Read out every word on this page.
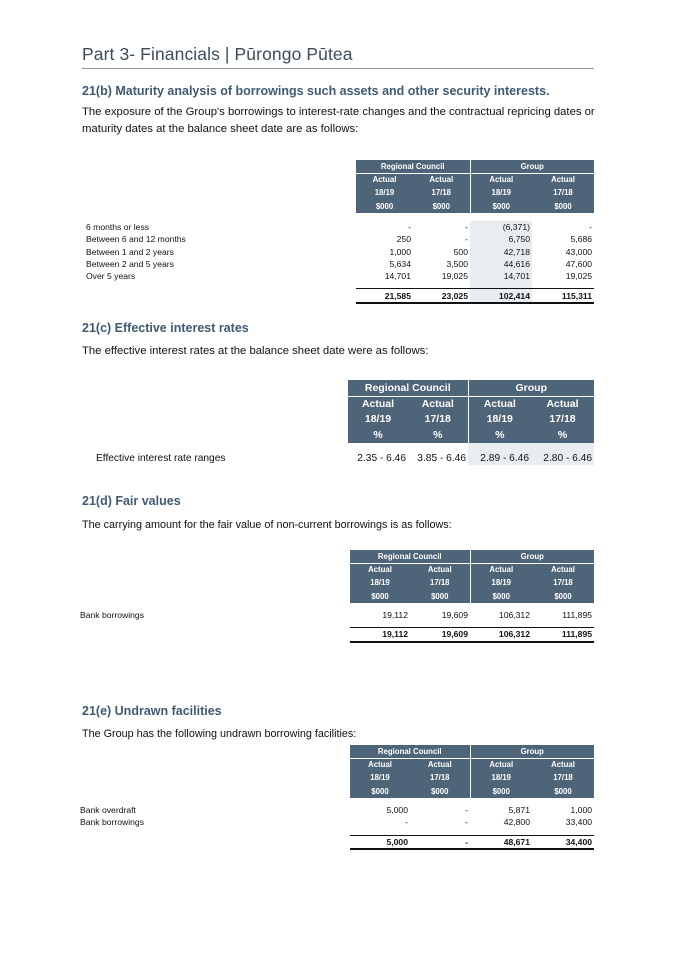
Part 3- Financials | Pūrongo Pūtea
21(b) Maturity analysis of borrowings such assets and other security interests.
The exposure of the Group's borrowings to interest-rate changes and the contractual repricing dates or maturity dates at the balance sheet date are as follows:
	Regional Council		Group	
	Actual	Actual	Actual	Actual
	18/19	17/18	18/19	17/18
	$000	$000	$000	$000

6 months or less	-	-	(6,371)	-
Between 6 and 12 months	250	-	6,750	5,686
Between 1 and 2 years	1,000	500	42,718	43,000
Between 2 and 5 years	5,634	3,500	44,616	47,600
Over 5 years	14,701	19,025	14,701	19,025

	21,585	23,025	102,414	115,311
21(c) Effective interest rates
The effective interest rates at the balance sheet date were as follows:
	Regional Council		Group	
	Actual	Actual	Actual	Actual
	18/19	17/18	18/19	17/18
	%	%	%	%

Effective interest rate ranges	2.35 - 6.46	3.85 - 6.46	2.89 - 6.46	2.80 - 6.46
21(d) Fair values
The carrying amount for the fair value of non-current borrowings is as follows:
	Regional Council		Group	
	Actual	Actual	Actual	Actual
	18/19	17/18	18/19	17/18
	$000	$000	$000	$000

Bank borrowings	19,112	19,609	106,312	111,895

	19,112	19,609	106,312	111,895
21(e) Undrawn facilities
The Group has the following undrawn borrowing facilities:
	Regional Council		Group	
	Actual	Actual	Actual	Actual
	18/19	17/18	18/19	17/18
	$000	$000	$000	$000

Bank overdraft	5,000	-	5,871	1,000
Bank borrowings	-	-	42,800	33,400

	5,000	-	48,671	34,400
